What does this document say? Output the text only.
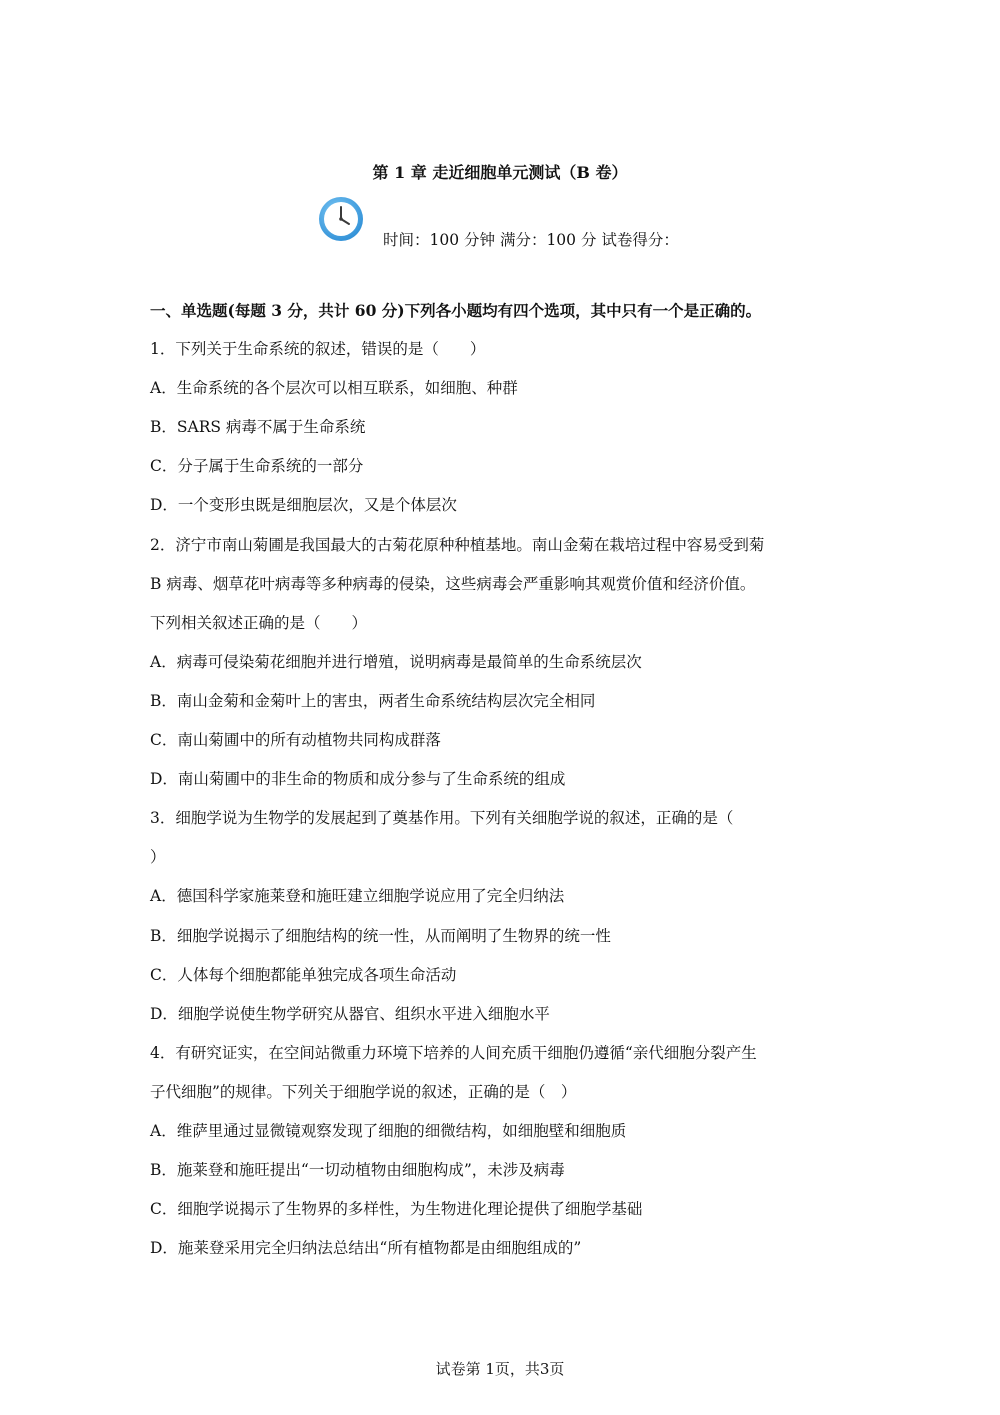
第 1 章 走近细胞单元测试（B 卷）
时间：100 分钟 满分：100 分 试卷得分：
一、单选题(每题 3 分，共计 60 分)下列各小题均有四个选项，其中只有一个是正确的。
1．下列关于生命系统的叙述，错误的是（　　）
A．生命系统的各个层次可以相互联系，如细胞、种群
B．SARS 病毒不属于生命系统
C．分子属于生命系统的一部分
D．一个变形虫既是细胞层次，又是个体层次
2．济宁市南山菊圃是我国最大的古菊花原种种植基地。南山金菊在栽培过程中容易受到菊
B 病毒、烟草花叶病毒等多种病毒的侵染，这些病毒会严重影响其观赏价值和经济价值。
下列相关叙述正确的是（　　）
A．病毒可侵染菊花细胞并进行增殖，说明病毒是最简单的生命系统层次
B．南山金菊和金菊叶上的害虫，两者生命系统结构层次完全相同
C．南山菊圃中的所有动植物共同构成群落
D．南山菊圃中的非生命的物质和成分参与了生命系统的组成
3．细胞学说为生物学的发展起到了奠基作用。下列有关细胞学说的叙述，正确的是（
）
A．德国科学家施莱登和施旺建立细胞学说应用了完全归纳法
B．细胞学说揭示了细胞结构的统一性，从而阐明了生物界的统一性
C．人体每个细胞都能单独完成各项生命活动
D．细胞学说使生物学研究从器官、组织水平进入细胞水平
4．有研究证实，在空间站微重力环境下培养的人间充质干细胞仍遵循“亲代细胞分裂产生
子代细胞”的规律。下列关于细胞学说的叙述，正确的是（　）
A．维萨里通过显微镜观察发现了细胞的细微结构，如细胞壁和细胞质
B．施莱登和施旺提出“一切动植物由细胞构成”，未涉及病毒
C．细胞学说揭示了生物界的多样性，为生物进化理论提供了细胞学基础
D．施莱登采用完全归纳法总结出“所有植物都是由细胞组成的”
试卷第 1页，共3页
